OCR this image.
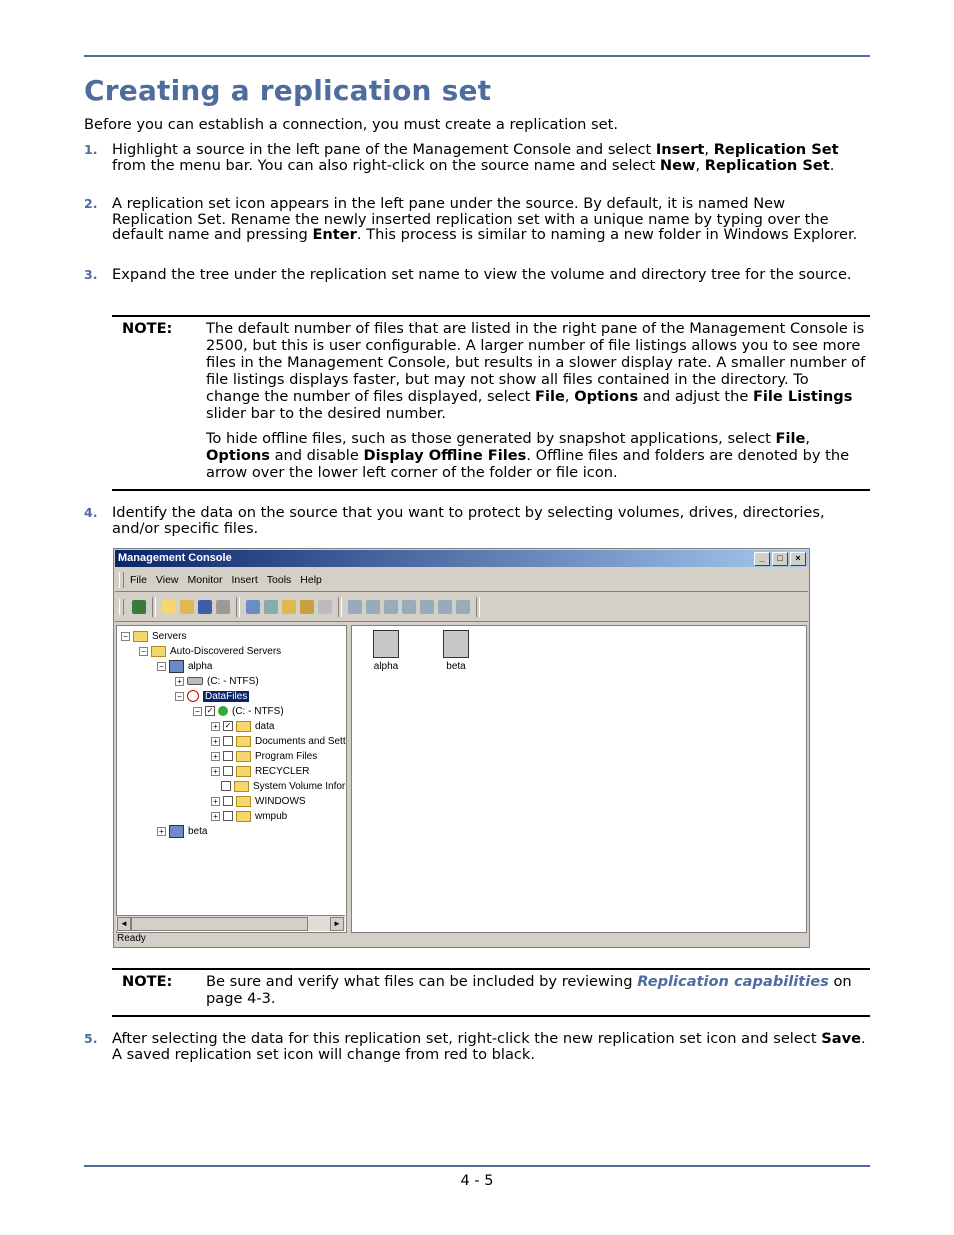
Creating a replication set

Before you can establish a connection, you must create a replication set.

1. Highlight a source in the left pane of the Management Console and select Insert, Replication Set from the menu bar. You can also right-click on the source name and select New, Replication Set.
2. A replication set icon appears in the left pane under the source. By default, it is named New Replication Set. Rename the newly inserted replication set with a unique name by typing over the default name and pressing Enter. This process is similar to naming a new folder in Windows Explorer.
3. Expand the tree under the replication set name to view the volume and directory tree for the source.
NOTE: The default number of files that are listed in the right pane of the Management Console is 2500, but this is user configurable. A larger number of file listings allows you to see more files in the Management Console, but results in a slower display rate. A smaller number of file listings displays faster, but may not show all files contained in the directory. To change the number of files displayed, select File, Options and adjust the File Listings slider bar to the desired number.

To hide offline files, such as those generated by snapshot applications, select File, Options and disable Display Offline Files. Offline files and folders are denoted by the arrow over the lower left corner of the folder or file icon.

4. Identify the data on the source that you want to protect by selecting volumes, drives, directories, and/or specific files.
Management Console	_	□	×
File View Monitor Insert Tools Help
− Servers
− Auto-Discovered Servers
− alpha
+	(C: - NTFS)
− DataFiles
− ✓ (C: - NTFS)
+ ✓ data
+	Documents and Sett
+	Program Files
+	RECYCLER
System Volume Infor
+	WINDOWS
+	wmpub
+ beta
◄	►
alpha	beta
Ready
NOTE: Be sure and verify what files can be included by reviewing Replication capabilities on page 4-3.

5. After selecting the data for this replication set, right-click the new replication set icon and select Save. A saved replication set icon will change from red to black.
4 - 5
